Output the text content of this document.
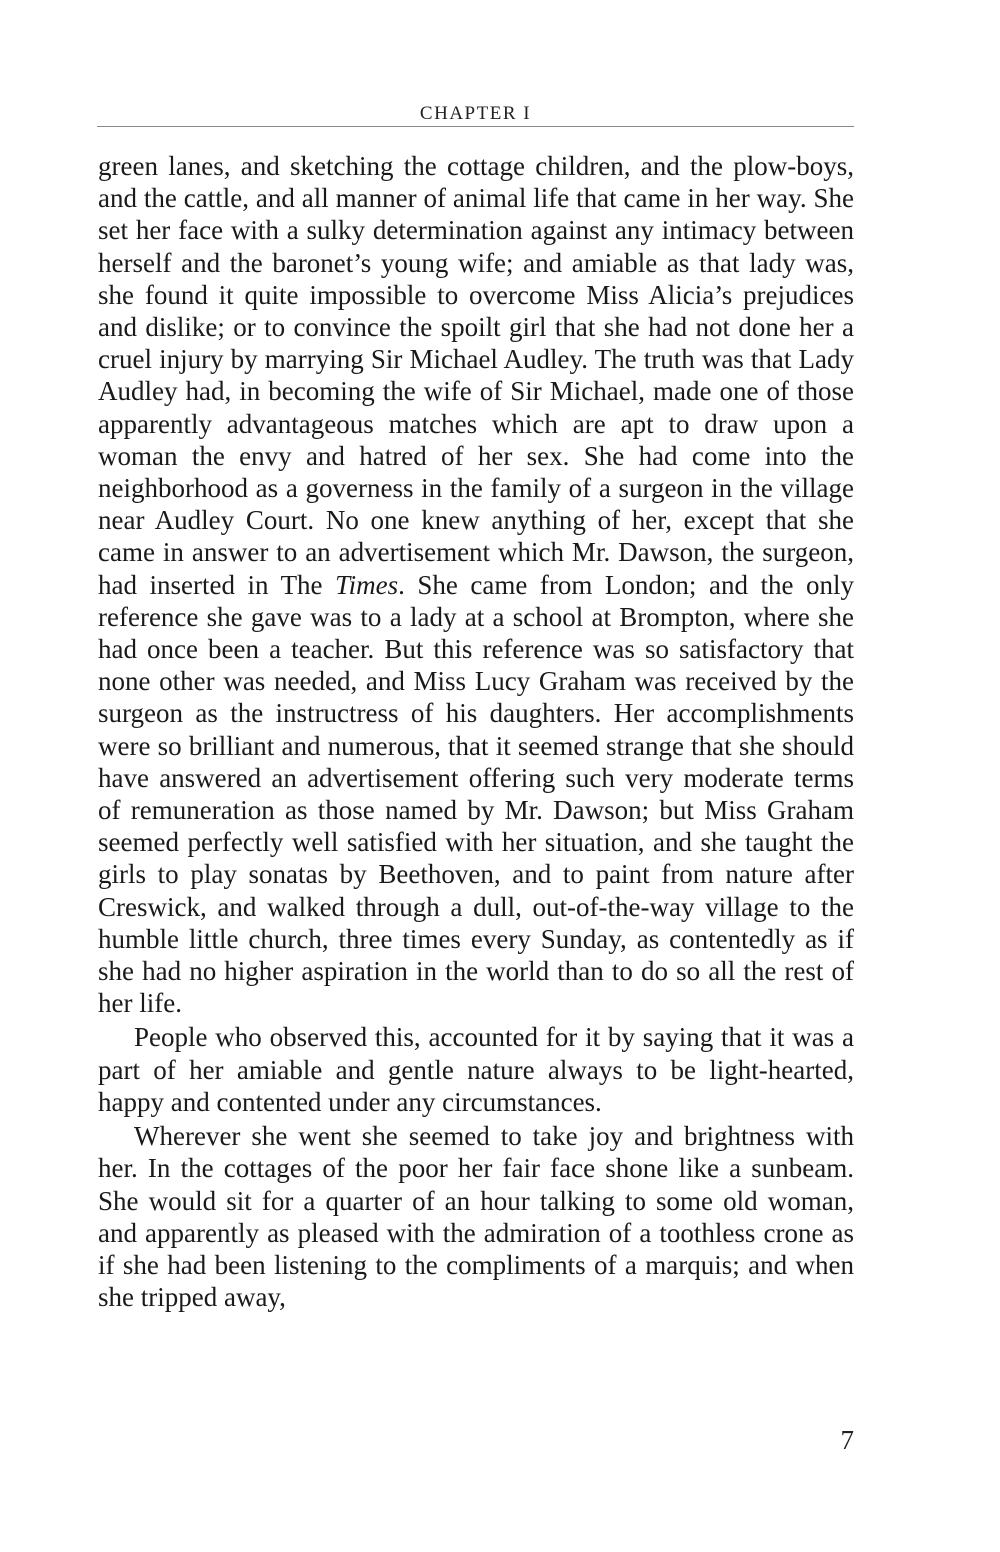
CHAPTER I

green lanes, and sketching the cottage children, and the plow-boys, and the cattle, and all manner of animal life that came in her way. She set her face with a sulky determination against any intimacy between herself and the baronet’s young wife; and amiable as that lady was, she found it quite impossible to overcome Miss Alicia’s prejudices and dislike; or to convince the spoilt girl that she had not done her a cruel injury by marrying Sir Michael Audley. The truth was that Lady Audley had, in becoming the wife of Sir Michael, made one of those apparently advantageous matches which are apt to draw upon a woman the envy and hatred of her sex. She had come into the neighborhood as a governess in the family of a surgeon in the village near Audley Court. No one knew anything of her, except that she came in answer to an advertisement which Mr. Dawson, the surgeon, had inserted in The Times. She came from London; and the only reference she gave was to a lady at a school at Brompton, where she had once been a teacher. But this reference was so satisfactory that none other was needed, and Miss Lucy Graham was received by the surgeon as the instructress of his daughters. Her accomplishments were so brilliant and numerous, that it seemed strange that she should have answered an advertisement offering such very moderate terms of remuneration as those named by Mr. Dawson; but Miss Graham seemed perfectly well satisfied with her situation, and she taught the girls to play sonatas by Beethoven, and to paint from nature after Creswick, and walked through a dull, out-of-the-way village to the humble little church, three times every Sunday, as contentedly as if she had no higher aspiration in the world than to do so all the rest of her life.

People who observed this, accounted for it by saying that it was a part of her amiable and gentle nature always to be light-hearted, happy and contented under any circumstances.

Wherever she went she seemed to take joy and brightness with her. In the cottages of the poor her fair face shone like a sunbeam. She would sit for a quarter of an hour talking to some old woman, and apparently as pleased with the admiration of a toothless crone as if she had been listening to the compliments of a marquis; and when she tripped away,

7
